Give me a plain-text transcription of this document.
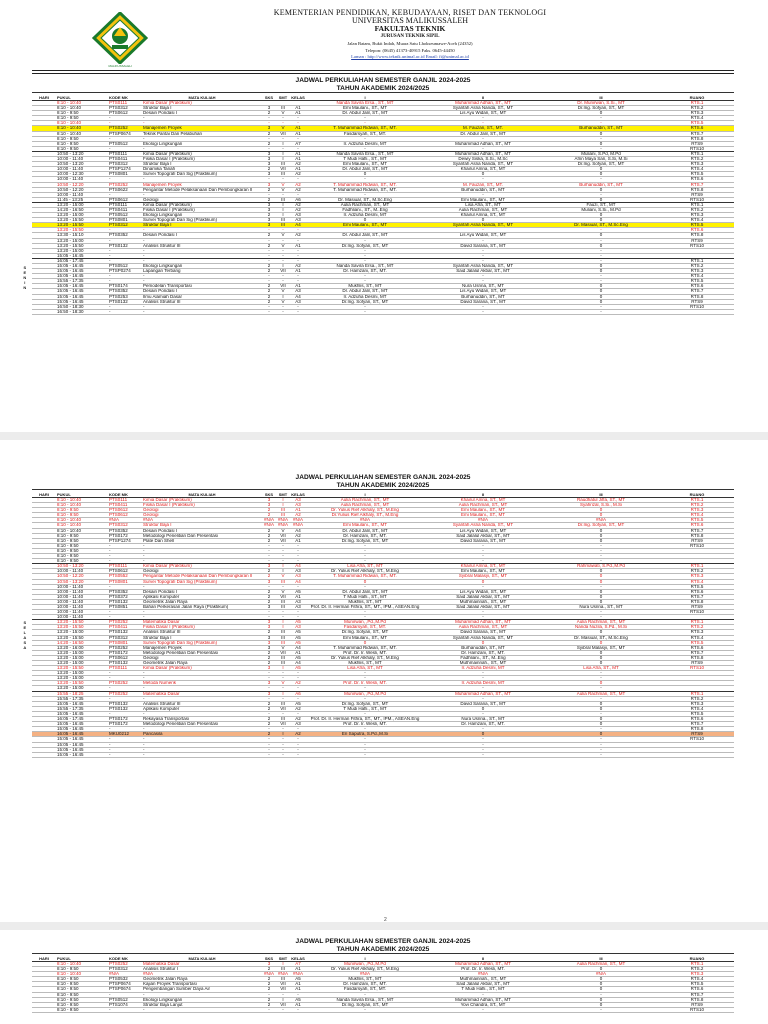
MALIKUSSALEH
KEMENTERIAN PENDIDIKAN, KEBUDAYAAN, RISET DAN TEKNOLOGI
UNIVERSITAS MALIKUSSALEH
FAKULTAS TEKNIK
JURUSAN TEKNIK SIPIL
Jalan Batam, Bukit Indah, Muara Satu Lhokseumawe-Aceh (24352)
Telepon: (0645) 41373-40915 Faks. 0645-44450
Laman : http://www.teknik.unimal.ac.id Email: ft@unimal.ac.id
JADWAL PERKULIAHAN SEMESTER GANJIL 2024-2025
TAHUN AKADEMIK 2024/2025
S
E
N
I
N
HARI	PUKUL	KODE MK	MATA KULIAH	SKS	SMT	KELAS	I	II	III	RUANG
	8:10 - 10:40	PTS0111	Kimia Dasar (Praktikum)				Nanda Savira Ersa., ST., MT	Muhammad Adhan, ST., MT	Dr. Munirwan, S.Si., MT	RTS.1
	8:10 - 10:40	PTS0312	Struktur Baja I	3	III	A1	Emi Maulani., ST., MT	Syarifah Asria Nanda, ST., MT	Dr.Ing. Sofyan, ST., MT	RTS.2
	8:10 - 9:50	PTS0612	Desain Pondasi I	2	V	A1	Dr. Abdul Jalil, ST., MT	Lis Ayu Widari, ST., MT	0	RTS.3
	8:10 - 9:50	-	-	-	-	-	-	-	-	RTS.4
	8:10 - 10:40	-	-	-	-	-	-	-	-	RTS.5
	8:10 - 10:40	PTS0252	Manajemen Proyek	3	V	A1	T. Muhammad Ridwan, ST., MT.	M. Fauzan, ST., MT.	Burhanuddin, ST., MT	RTS.6
	8:10 - 10:40	PTSP0674	Teknik Pantai Dan Pelabuhan	2	VII	A1	Fasdarsyah, ST., MT.	Dr. Abdul Jalil, ST., MT	0	RTS.7
	8:10 - 9:50	-	-	-	-	-	-	-	-	RTS.8
	8:10 - 9:50	PTS0512	Ekologi Lingkungan	2	I	A7	Ir. Adzuha Desmi, MT	Muhammad Adhan, ST., MT	0	RTS9
	8:10 - 9:50	-	-	-	-	-	-	-	-	RTS10
	10:50 - 13:20	PTS0111	Kimia Dasar (Praktikum)	3	I	A1	Nanda Savira Ersa., ST., MT	Muhammad Adhan, ST., MT	Muliani, S.Pd, M.Pd	RTS.1
	10:00 - 11:40	PTS0411	Fisika Dasar I (Praktikum)	3	I	A1	T Mudi Hafli., ST., MT	Dewiy Siska, S.Si., M.Sc	Afrin Maya Sari, S.Si, M.Si	RTS.2
	10:50 - 13:20	PTS0312	Struktur Baja I	3	III	A2	Emi Maulani., ST., MT	Syarifah Asria Nanda, ST., MT	Dr.Ing. Sofyan, ST., MT	RTS.3
	10:00 - 11:40	PTSP1274	Dinamika Tanah	2	VII	A1	Dr. Abdul Jalil, ST., MT	Khairul Amna, ST., MT	0	RTS.4
	10:00 - 12:30	PTS0801	Survei Topografi Dan Sig (Praktikum)	3	III	A2	0	0	0	RTS.5
	10:00 - 11:40	-	-	-	-	-	-	-	-	RTS.6
	10:50 - 12:20	PTS0252	Manajemen Proyek	3	V	A2	T. Muhammad Ridwan, ST., MT.	M. Fauzan, ST., MT.	Burhanuddin, ST., MT	RTS.7
	10:50 - 12:20	PTS0622	Pengantar Metode Pelaksanaan Dan Pembongkaran II	2	V	A2	T. Muhammad Ridwan, ST., MT.	Burhanuddin, ST., MT	0	RTS.8
	10:00 - 11:40	-	-	-	-	-	-	-	-	RTS9
	11:45 - 13:25	PTS0612	Geologi	2	III	A6	Dr. Masiuar, ST., M.Sc.Eng	Emi Maulani., ST., MT	0	RTS10
	13:20 - 15:00	PTS0111	Kimia Dasar (Praktikum)	3	I	A2	Aulia Rachman, ST., MT	Lisa Afra, ST., MT	Fauzi, ST., MT	RTS.1
	14:20 - 16:50	PTS0411	Fisika Dasar I (Praktikum)	3	I	A2	Fadhliani., ST., M..Eng	Aulia Rachman, ST., MT	Muliani, S.Si., M.Pd	RTS.2
	13:20 - 15:00	PTS0512	Ekologi Lingkungan	2	I	A3	Ir. Adzuha Desmi, MT	Khairul Amna, ST., MT	0	RTS.3
	13:20 - 15:50	PTS0801	Survei Topografi Dan Sig (Praktikum)	3	III	A3	0	0	0	RTS.4
	13:20 - 15:50	PTS0312	Struktur Baja I	3	III	A4	Emi Maulani., ST., MT	Syarifah Asria Nanda, ST., MT	Dr. Masiuar, ST., M.Sc.Eng	RTS.5
	13:20 - 15:50	-	-	-	-	-	-	-	-	RTS.6
	13:30 - 15:10	PTS0352	Desain Pondasi I	2	V	A2	Dr. Abdul Jalil, ST., MT	Lis Ayu Widari, ST., MT	0	RTS.8
	13:20 - 15:00	-	-	-	-	-	-	-	-	RTS9
	13:20 - 15:50	PTS0132	Analisis Struktur III	2	V	A1	Dr.Ing. Sofyan, ST., MT	David Sarana, ST., MT	0	RTS10
	13:20 - 15:00	-	-	-	-	-	-	-	-	
	15:05 - 16:45	-	-	-	-	-	-	-	-	
	16:05 - 17:45	-	-	-	-	-	-	-	-	RTS.1
	15:05 - 16:45	PTS0512	Ekologi Lingkungan	2	I	A2	Nanda Savira Ersa., ST., MT	Syarifah Asria Nanda, ST., MT	0	RTS.2
	15:05 - 16:45	PTSP0274	Lapangan Terbang	2	VII	A1	Dr. Hamzani, ST., MT.	Said Jalalul Akbar, ST., MT	0	RTS.3
	15:05 - 16:45	-	-	-	-	-	-	-	-	RTS.4
	15:55 - 17:35	-	-	-	-	-	-	-	-	RTS.5
	15:05 - 16:45	PTS0174	Pemodelan Transportasi	2	VII	A1	Mukhlis, ST., MT	Nura Usrina, ST., MT	0	RTS.6
	15:05 - 16:45	PTS0352	Desain Pondasi I	2	V	A3	Dr. Abdul Jalil, ST., MT	Lis Ayu Widari, ST., MT	0	RTS.7
	15:05 - 16:45	PTS0253	Ilmu Alamiah Dasar	2	I	A4	Ir. Adzuha Desmi, MT	Burhanuddin, ST., MT	0	RTS.8
	15:05 - 16:45	PTS0132	Analisis Struktur III	2	V	A3	Dr.Ing. Sofyan, ST., MT	David Sarana, ST., MT	0	RTS9
	16:50 - 18:30	-	-	-	-	-	-	-	-	RTS10
	16:50 - 18:30	-	-	-	-	-	-	-	-	
JADWAL PERKULIAHAN SEMESTER GANJIL 2024-2025
TAHUN AKADEMIK 2024/2025
S
E
L
A
S
A
HARI	PUKUL	KODE MK	MATA KULIAH	SKS	SMT	KELAS	I	II	III	RUANG
	8:10 - 10:40	PTS0111	Kimia Dasar (Praktikum)	3	I	A3	Aulia Rachman, ST., MT	Khairul Amna, ST., MT	Raudhatul Jiffa, ST., MT	RTS.1
	8:10 - 10:40	PTS0411	Fisika Dasar I (Praktikum)	3	I	A3	Aulia Rachman, ST., MT	Aulia Rachman, ST., MT	Syahrizal, S.Si., M.Si	RTS.2
	8:10 - 9:50	PTS0612	Geologi	2	III	A1	Dr. Yulius Rief Alkhaly, ST., M.Eng	Emi Maulani., ST., MT	0	RTS.3
	8:10 - 9:50	PTS0612	Geologi	2	III	A2	Dr.Yulius Rief Alkhaly, ST., M.Eng	Emi Maulani., ST., MT	0	RTS.4
	8:10 - 10:40	#N/A	#N/A	#N/A	#N/A	#N/A	#N/A	#N/A	#N/A	RTS.5
	8:10 - 10:40	PTS0312	Struktur Baja I	#N/A	#N/A	#N/A	Emi Maulani., ST., MT	Syarifah Asria Nanda, ST., MT	Dr.Ing. Sofyan, ST., MT	RTS.6
	8:10 - 10:40	PTS0352	Desain Pondasi I	2	V	A4	Dr. Abdul Jalil, ST., MT	Lis Ayu Widari, ST., MT	0	RTS.7
	8:10 - 9:50	PTS0172	Metodologi Penelitian Dan Presentasi	2	VII	A2	Dr. Hamzani, ST., MT.	Said Jalalul Akbar, ST., MT	0	RTS.8
	8:10 - 9:50	PTSP1274	Plate Dan Shell	2	VII	A1	Dr.Ing. Sofyan, ST., MT	David Sarana, ST., MT	0	RTS9
	8:10 - 9:50	-	-	-	-	-	-	-	-	RTS10
	8:10 - 9:50	-	-	-	-	-	-	-	-	
	8:10 - 9:50	-	-	-	-	-	-	-	-	
	8:10 - 9:50	-	-	-	-	-	-	-	-	
	10:50 - 13:20	PTS0111	Kimia Dasar (Praktikum)	3	I	A4	Lisa Afra, ST., MT	Khairul Amna, ST., MT	Rahmawati, S.Pd.,M.Pd	RTS.1
	10:00 - 11:40	PTS0612	Geologi	2	I	A3	Dr. Yulius Rief Alkhaly, ST., M.Eng	Emi Maulani., ST., MT	0	RTS.2
	10:50 - 12:20	PTS0552	Pengantar Metode Pelaksanaan Dan Pembongkaran II	2	V	A3	T. Muhammad Ridwan, ST., MT.	Syibral Malasyi, ST., MT	0	RTS.3
	10:50 - 13:20	PTS0801	Survei Topografi Dan Sig (Praktikum)	3	III	A4	0	0	0	RTS.4
	10:00 - 11:40	-	-	-	-	-	-	-	-	RTS.5
	10:00 - 11:40	PTS0352	Desain Pondasi I	2	V	A5	Dr. Abdul Jalil, ST., MT	Lis Ayu Widari, ST., MT	0	RTS.6
	10:00 - 11:40	PTS0372	Aplikasi Komputer	2	VII	A1	T Mudi Hafli., ST., MT	Said Jalalul Akbar, ST., MT	0	RTS.7
	10:00 - 11:40	PTS0132	Geometrik Jalan Raya	2	III	A3	Mukhlis, ST., MT	Muthmainnah., ST., MT	0	RTS.8
	10:00 - 11:40	PTS0851	Bahan Perkerasan Jalan Raya (Praktikum)	3	III	A3	Prof. Dr. Ir. Herman Fithra, ST., MT., IPM., ASEAN.Eng	Said Jalalul Akbar, ST., MT	Nura Usrina., ST., MT	RTS9
	10:00 - 11:40	-	-	-	-	-	-	-	-	RTS10
	10:00 - 11:40	-	-	-	-	-	-	-	-	
	13:20 - 15:50	PTS0252	Matematika Dasar	3	I	A5	Munirwan, ,Pd.,M.Pd	Muhammad Adhan, ST., MT	Aulia Rachman, ST., MT	RTS.1
	13:20 - 15:50	PTS0411	Fisika Dasar I (Praktikum)	3	I	A3	Fasdarsyah, ST., MT.	Aulia Rachman, ST., MT	Nanda Nuzila, S.Pd., M.Si	RTS.2
	13:20 - 15:00	PTS0132	Analisis Struktur III	2	III	A5	Dr.Ing. Sofyan, ST., MT	David Sarana, ST., MT	0	RTS.3
	13:20 - 15:50	PTS0312	Struktur Baja I	3	III	A5	Emi Maulani., ST., MT	Syarifah Asria Nanda, ST., MT	Dr. Masiuar, ST., M.Sc.Eng	RTS.4
	14:20 - 16:50	PTS0801	Survei Topografi Dan Sig (Praktikum)	3	III	A5	0	0	0	RTS.5
	13:20 - 16:00	PTS0252	Manajemen Proyek	3	V	A4	T. Muhammad Ridwan, ST., MT.	Burhanuddin, ST., MT	Syibral Malasyi, ST., MT	RTS.6
	13:20 - 15:00	PTS0172	Metodologi Penelitian Dan Presentasi	2	VII	A1	Prof. Dr. Ir. Wesli, MT.	Dr. Hamzani, ST., MT.	0	RTS.7
	13:20 - 15:00	PTS0612	Geologi	2	III	A5	Dr. Yulius Rief Alkhaly, ST., M.Eng	Fadhliani., ST., M..Eng	0	RTS.8
	13:20 - 15:00	PTS0132	Geometrik Jalan Raya	2	III	A4	Mukhlis, ST., MT	Muthmainnah., ST., MT	0	RTS9
	13:20 - 15:50	PTS0111	Kimia Dasar (Praktikum)	3	I	A5	Lisa Afra, ST., MT	Ir. Adzuha Desmi, MT	Lisa Afra, ST., MT	RTS10
	13:20 - 15:00	-	-	-	-	-	-	-	-	
	13:20 - 15:00	-	-	-	-	-	-	-	-	
	13:20 - 15:50	PTS0252	Metoda Numerik	3	V	A2	Prof. Dr. Ir. Wesli, MT.	Ir. Adzuha Desmi, MT	0	
	13:20 - 15:00	-	-	-	-	-	-	-	-	
	15:55 - 18:25	PTS0252	Matematika Dasar	3	I	A6	Munirwan, ,Pd.,M.Pd	Muhammad Adhan, ST., MT	Aulia Rachman, ST., MT	RTS.1
	15:55 - 17:35	-	-	-	-	-	-	-	-	RTS.2
	15:05 - 16:45	PTS0132	Analisis Struktur III	2	III	A5	Dr.Ing. Sofyan, ST., MT	David Sarana, ST., MT	0	RTS.3
	15:55 - 17:35	PTS0132	Aplikasi Komputer	2	VII	A2	T Mudi Hafli., ST., MT	0	0	RTS.4
	15:05 - 16:45	-	-	-	-	-	-	-	-	RTS.5
	16:05 - 17:45	PTS0172	Rekayasa Transportasi	2	III	A2	Prof. Dr. Ir. Herman Fithra, ST., MT., IPM., ASEAN.Eng	Nura Usrina., ST., MT	0	RTS.6
	15:05 - 16:45	PTS0172	Metodologi Penelitian Dan Presentasi	2	VII	A3	Prof. Dr. Ir. Wesli, MT.	Dr. Hamzani, ST., MT.	0	RTS.7
	15:05 - 16:45	-	-	-	-	-	-	-	-	RTS.8
	16:05 - 16:45	MKU0212	Pancasila	2	I	A2	Eri Saputra, S.Pd.,M.Si	0	0	RTS9
	15:05 - 16:45	-	-	-	-	-	-	-	-	RTS10
	15:05 - 16:45	-	-	-	-	-	-	-	-	
	15:05 - 16:45	-	-	-	-	-	-	-	-	
	15:05 - 16:45	-	-	-	-	-	-	-	-	
2
JADWAL PERKULIAHAN SEMESTER GANJIL 2024-2025
TAHUN AKADEMIK 2024/2025
HARI	PUKUL	KODE MK	MATA KULIAH	SKS	SMT	KELAS	I	II	III	RUANG
	8:10 - 10:40	PTS0252	Matematika Dasar	3	I	A7	Munirwan, ,Pd.,M.Pd	Muhammad Adhan, ST., MT	Aulia Rachman, ST., MT	RTS.1
	8:10 - 9:50	PTS0312	Analisis Struktur I	2	III	A1	Dr. Yulius Rief Alkhaly, ST., M.Eng	Prof. Dr. Ir. Wesli, MT.	0	RTS.2
	8:10 - 10:40	#N/A	#N/A	#N/A	#N/A	#N/A	#N/A	#N/A	#N/A	RTS.3
	8:10 - 9:50	PTS0532	Geometrik Jalan Raya	2	III	A5	Mukhlis, ST., MT	Muthmainnah., ST., MT	0	RTS.4
	8:10 - 9:50	PTSP0674	Kajian Proyek Transportasi	2	VII	A1	Dr. Hamzani, ST., MT.	Said Jalalul Akbar, ST., MT	0	RTS.5
	8:10 - 9:50	PTSP0674	Pengembangan Sumber Daya Air	2	VII	A1	Fasdarsyah, ST., MT.	T Mudi Hafli., ST., MT	0	RTS.6
	8:10 - 9:50	-	-	-	-	-	-	-	-	RTS.7
	8:10 - 9:50	PTS0512	Ekologi Lingkungan	2	I	A5	Nanda Savira Ersa., ST., MT	Muhammad Adhan, ST., MT	0	RTS.8
	8:10 - 9:50	PTS1074	Struktur Baja Lanjut	2	VII	A1	Dr.Ing. Sofyan, ST., MT	Yovi Chandra, ST., MT	0	RTS9
	8:10 - 9:50	-	-	-	-	-	-	-	-	RTS10
